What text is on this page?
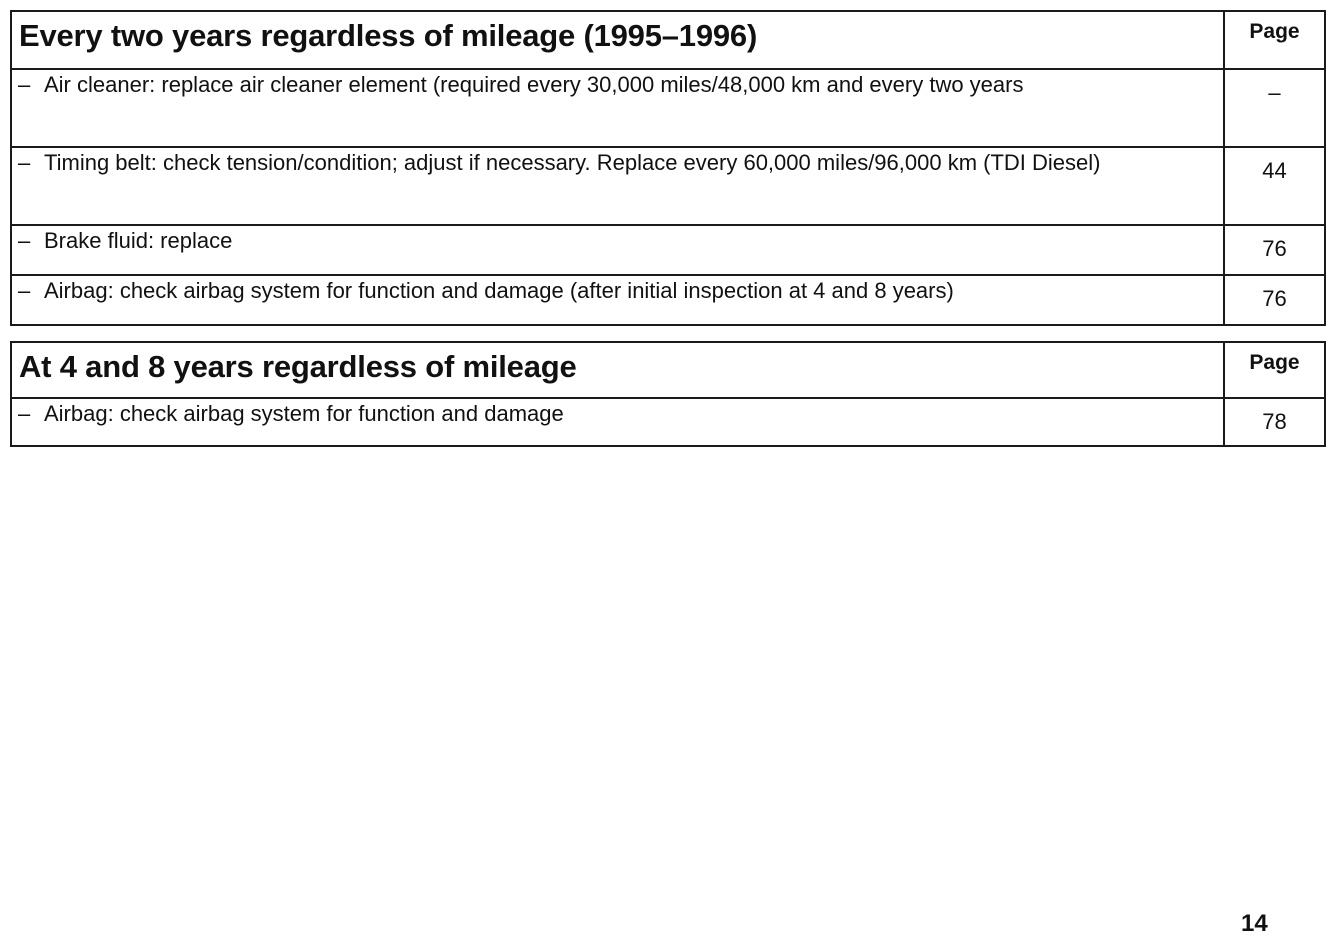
Every two years regardless of mileage (1995–1996)	Page

– Air cleaner: replace air cleaner element (required every 30,000 miles/48,000 km and every two years	–

– Timing belt: check tension/condition; adjust if necessary. Replace every 60,000 miles/96,000 km (TDI Diesel)	44

– Brake fluid: replace	76

– Airbag: check airbag system for function and damage (after initial inspection at 4 and 8 years)	76
At 4 and 8 years regardless of mileage	Page

– Airbag: check airbag system for function and damage	78
14
